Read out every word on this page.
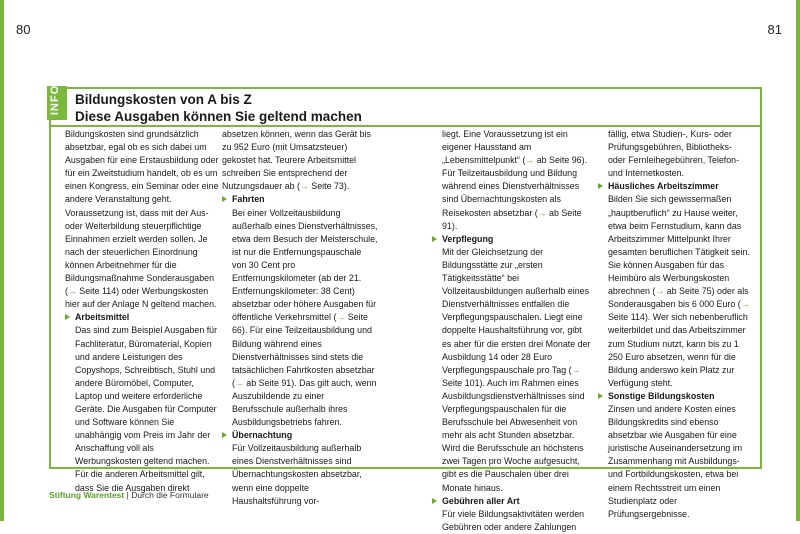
80	81
INFO Bildungskosten von A bis Z
Diese Ausgaben können Sie geltend machen

Bildungskosten sind grundsätzlich absetzbar, egal ob es sich dabei um Ausgaben für eine Erstausbildung oder für ein Zweitstudium handelt, ob es um einen Kongress, ein Seminar oder eine andere Veranstaltung geht. Voraussetzung ist, dass mit der Aus- oder Weiterbildung steuerpflichtige Einnahmen erzielt werden sollen. Je nach der steuerlichen Einordnung können Arbeitnehmer für die Bildungsmaßnahme Sonderausgaben (→ Seite 114) oder Werbungskosten hier auf der Anlage N geltend machen.

Arbeitsmittel

Das sind zum Beispiel Ausgaben für Fachliteratur, Büromaterial, Kopien und andere Leistungen des Copyshops, Schreibtisch, Stuhl und andere Büromöbel, Computer, Laptop und weitere erforderliche Geräte. Die Ausgaben für Computer und Software können Sie unabhängig vom Preis im Jahr der Anschaffung voll als Werbungskosten geltend machen. Für die anderen Arbeitsmittel gilt, dass Sie die Ausgaben direkt

absetzen können, wenn das Gerät bis zu 952 Euro (mit Umsatzsteuer) gekostet hat. Teurere Arbeitsmittel schreiben Sie entsprechend der Nutzungsdauer ab (→ Seite 73).

Fahrten

Bei einer Vollzeitausbildung außerhalb eines Dienstverhältnisses, etwa dem Besuch der Meisterschule, ist nur die Entfernungspauschale von 30 Cent pro Entfernungskilometer (ab der 21. Entfernungskilometer: 38 Cent) absetzbar oder höhere Ausgaben für öffentliche Verkehrsmittel (→ Seite 66). Für eine Teilzeitausbildung und Bildung während eines Dienstverhältnisses sind stets die tatsächlichen Fahrtkosten absetzbar (→ ab Seite 91). Das gilt auch, wenn Auszubildende zu einer Berufsschule außerhalb ihres Ausbildungsbetriebs fahren.

Übernachtung

Für Vollzeitausbildung außerhalb eines Dienstverhältnisses sind Übernachtungskosten absetzbar, wenn eine doppelte Haushaltsführung vor-

liegt. Eine Voraussetzung ist ein eigener Hausstand am „Lebensmittelpunkt“ (→ ab Seite 96). Für Teilzeitausbildung und Bildung während eines Dienstverhältnisses sind Übernachtungskosten als Reisekosten absetzbar (→ ab Seite 91).

Verpflegung

Mit der Gleichsetzung der Bildungsstätte zur „ersten Tätigkeitsstätte“ bei Vollzeitausbildungen außerhalb eines Dienstverhältnisses entfallen die Verpflegungspauschalen. Liegt eine doppelte Haushaltsführung vor, gibt es aber für die ersten drei Monate der Ausbildung 14 oder 28 Euro Verpflegungspauschale pro Tag (→ Seite 101). Auch im Rahmen eines Ausbildungsdienstverhältnisses sind Verpflegungspauschalen für die Berufsschule bei Abwesenheit von mehr als acht Stunden absetzbar. Wird die Berufsschule an höchstens zwei Tagen pro Woche aufgesucht, gibt es die Pauschalen über drei Monate hinaus.

Gebühren aller Art

Für viele Bildungsaktivitäten werden Gebühren oder andere Zahlungen

fällig, etwa Studien-, Kurs- oder Prüfungsgebühren, Bibliotheks- oder Fernleihegebühren, Telefon- und Internetkosten.

Häusliches Arbeitszimmer

Bilden Sie sich gewissermaßen „hauptberuflich“ zu Hause weiter, etwa beim Fernstudium, kann das Arbeitszimmer Mittelpunkt Ihrer gesamten beruflichen Tätigkeit sein. Sie können Ausgaben für das Heimbüro als Werbungskosten abrechnen (→ ab Seite 75) oder als Sonderausgaben bis 6 000 Euro (→ Seite 114). Wer sich nebenberuflich weiterbildet und das Arbeitszimmer zum Studium nutzt, kann bis zu 1 250 Euro absetzen, wenn für die Bildung anderswo kein Platz zur Verfügung steht.

Sonstige Bildungskosten

Zinsen und andere Kosten eines Bildungskredits sind ebenso absetzbar wie Ausgaben für eine juristische Auseinandersetzung im Zusammenhang mit Ausbildungs- und Fortbildungskosten, etwa bei einem Rechtsstreit um einen Studienplatz oder Prüfungsergebnisse.

Stiftung Warentest | Durch die Formulare
